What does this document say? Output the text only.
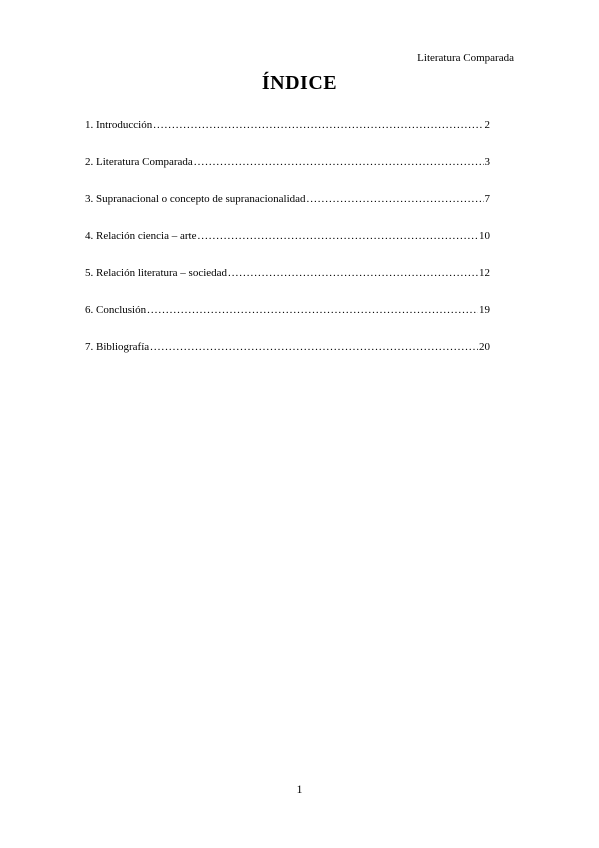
Literatura Comparada
ÍNDICE
1. Introducción .....	2
2. Literatura Comparada .....	3
3. Supranacional o concepto de supranacionalidad .....	7
4. Relación ciencia – arte .....	10
5. Relación literatura – sociedad .....	12
6. Conclusión .....	19
7. Bibliografía .....	20
1
